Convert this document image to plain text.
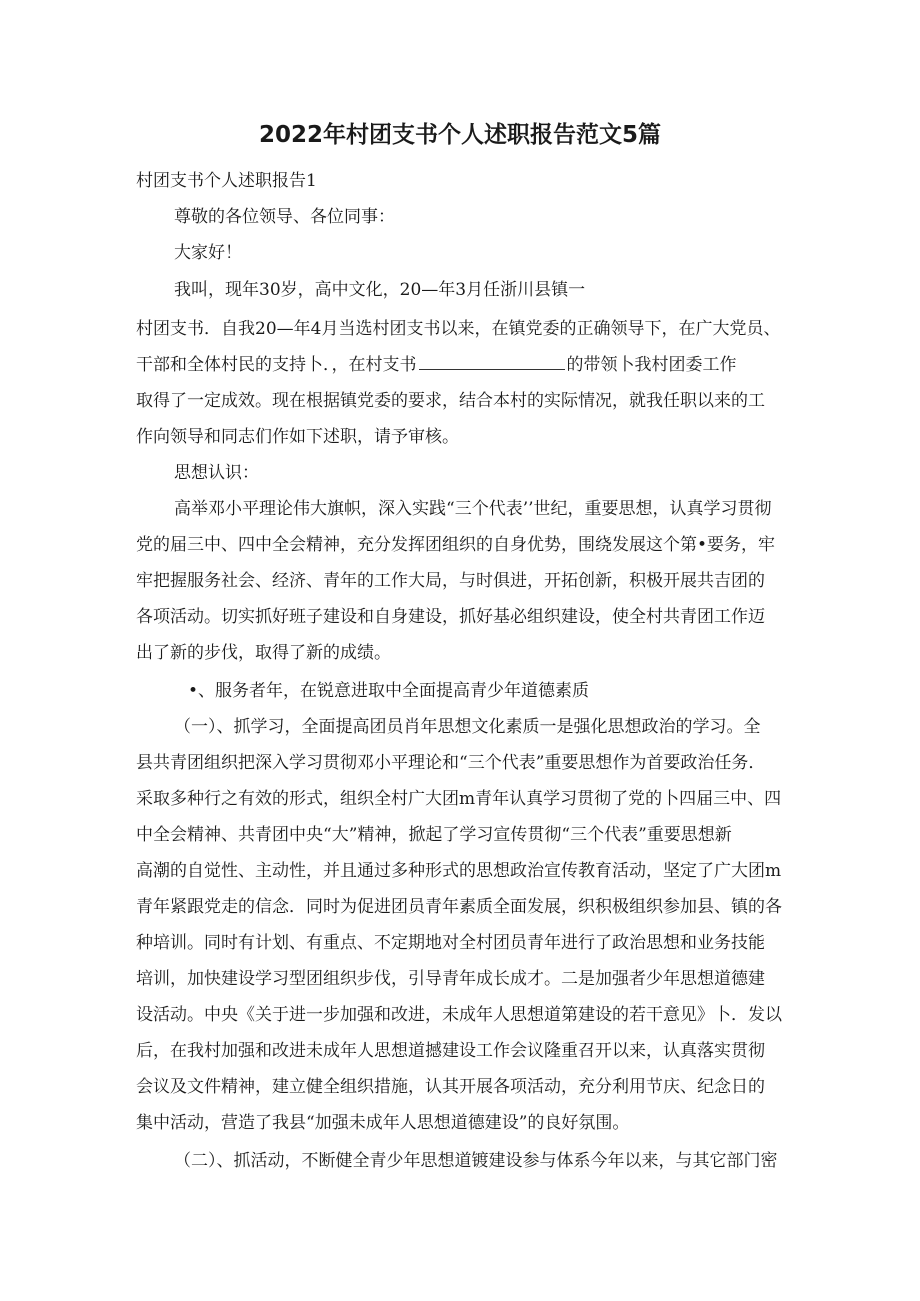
2022年村团支书个人述职报告范文5篇
村团支书个人述职报告1
尊敬的各位领导、各位同事：
大家好！
我叫，现年30岁，高中文化，20—年3月任浙川县镇一
村团支书．自我20—年4月当选村团支书以来，在镇党委的正确领导下，在广大党员、
干部和全体村民的支持卜．，在村支书	的带领卜我村团委工作
取得了一定成效。现在根据镇党委的要求，结合本村的实际情况，就我任职以来的工
作向领导和同志们作如下述职，请予审核。
思想认识：
高举邓小平理论伟大旗帜，深入实践“三个代表’’世纪，重要思想，认真学习贯彻
党的届三中、四中全会精神，充分发挥团组织的自身优势，围绕发展这个第•要务，牢
牢把握服务社会、经济、青年的工作大局，与时俱进，开拓创新，积极开展共吉团的
各项活动。切实抓好班子建设和自身建设，抓好基必组织建设，使全村共青团工作迈
出了新的步伐，取得了新的成绩。
•、服务者年，在锐意进取中全面提高青少年道德素质
（一）、抓学习，全面提高团员肖年思想文化素质一是强化思想政治的学习。全
县共青团组织把深入学习贯彻邓小平理论和“三个代表”重要思想作为首要政治任务．
采取多种行之有效的形式，组织全村广大团m青年认真学习贯彻了党的卜四届三中、四
中全会精神、共青团中央“大”精神，掀起了学习宣传贯彻“三个代表”重要思想新
高潮的自觉性、主动性，并且通过多种形式的思想政治宣传教育活动，坚定了广大团m
青年紧跟党走的信念．同时为促进团员青年素质全面发展，织积极组织参加县、镇的各
种培训。同时有计划、有重点、不定期地对全村团员青年进行了政治思想和业务技能
培训，加快建设学习型团组织步伐，引导青年成长成才。二是加强者少年思想道德建
设活动。中央《关于进一步加强和改进，未成年人思想道第建设的若干意见》卜．发以
后，在我村加强和改进未成年人思想道撼建设工作会议隆重召开以来，认真落实贯彻
会议及文件精神，建立健全组织措施，认其开展各项活动，充分利用节庆、纪念日的
集中活动，营造了我县“加强未成年人思想道德建设”的良好氛围。
（二）、抓活动，不断健全青少年思想道镀建设参与体系今年以来，与其它部门密
